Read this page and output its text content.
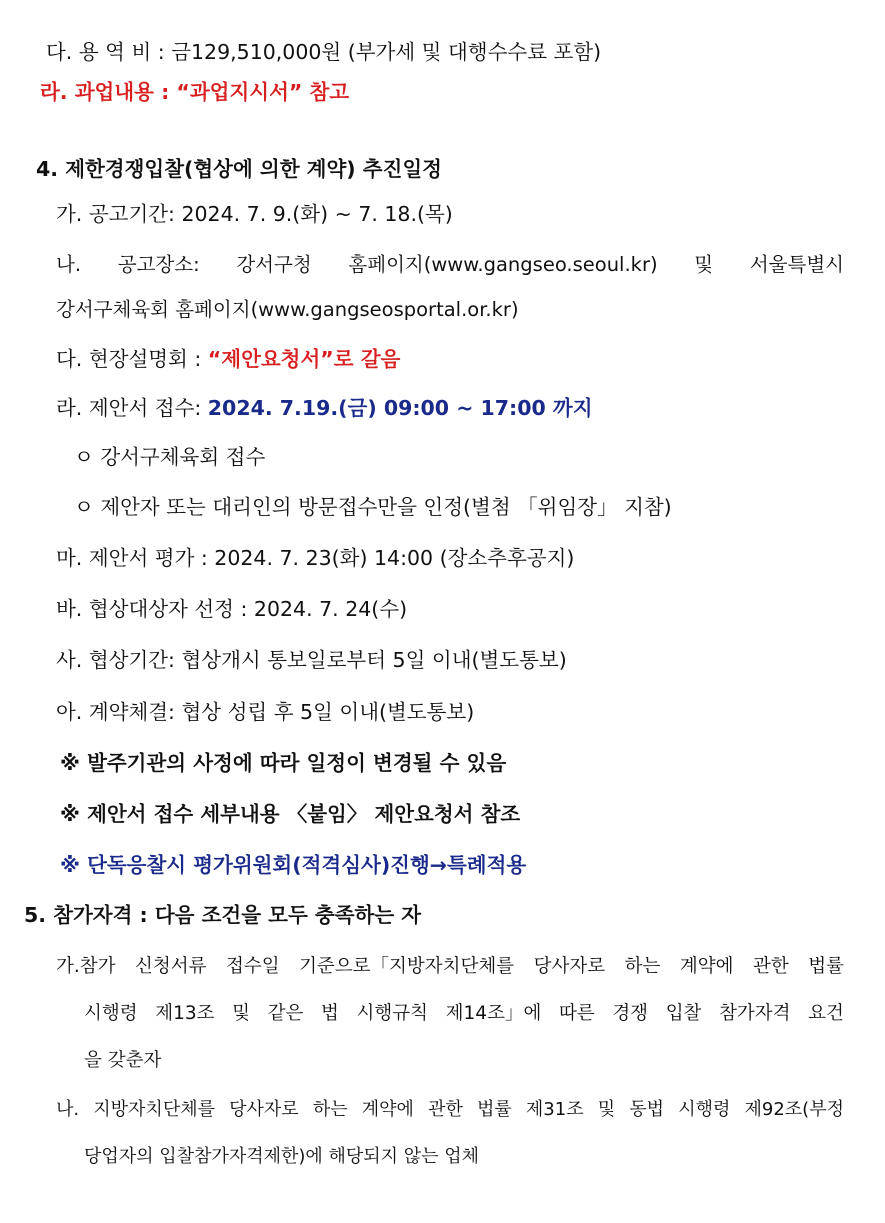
다. 용 역 비 : 금129,510,000원 (부가세 및 대행수수료 포함)
라. 과업내용 : “과업지시서” 참고
4. 제한경쟁입찰(협상에 의한 계약) 추진일정
가. 공고기간: 2024. 7. 9.(화) ~ 7. 18.(목)
나. 공고장소: 강서구청 홈페이지(www.gangseo.seoul.kr) 및 서울특별시
강서구체육회 홈페이지(www.gangseosportal.or.kr)
다. 현장설명회 : “제안요청서”로 갈음
라. 제안서 접수: 2024. 7.19.(금) 09:00 ~ 17:00 까지
ㅇ 강서구체육회 접수
ㅇ 제안자 또는 대리인의 방문접수만을 인정(별첨 「위임장」 지참)
마. 제안서 평가 : 2024. 7. 23(화) 14:00 (장소추후공지)
바. 협상대상자 선정 : 2024. 7. 24(수)
사. 협상기간: 협상개시 통보일로부터 5일 이내(별도통보)
아. 계약체결: 협상 성립 후 5일 이내(별도통보)
※ 발주기관의 사정에 따라 일정이 변경될 수 있음
※ 제안서 접수 세부내용 〈붙임〉 제안요청서 참조
※ 단독응찰시 평가위원회(적격심사)진행→특례적용
5. 참가자격 : 다음 조건을 모두 충족하는 자
가.참가 신청서류 접수일 기준으로「지방자치단체를 당사자로 하는 계약에 관한 법률
시행령 제13조 및 같은 법 시행규칙 제14조」에 따른 경쟁 입찰 참가자격 요건
을 갖춘자
나. 지방자치단체를 당사자로 하는 계약에 관한 법률 제31조 및 동법 시행령 제92조(부정
당업자의 입찰참가자격제한)에 해당되지 않는 업체
